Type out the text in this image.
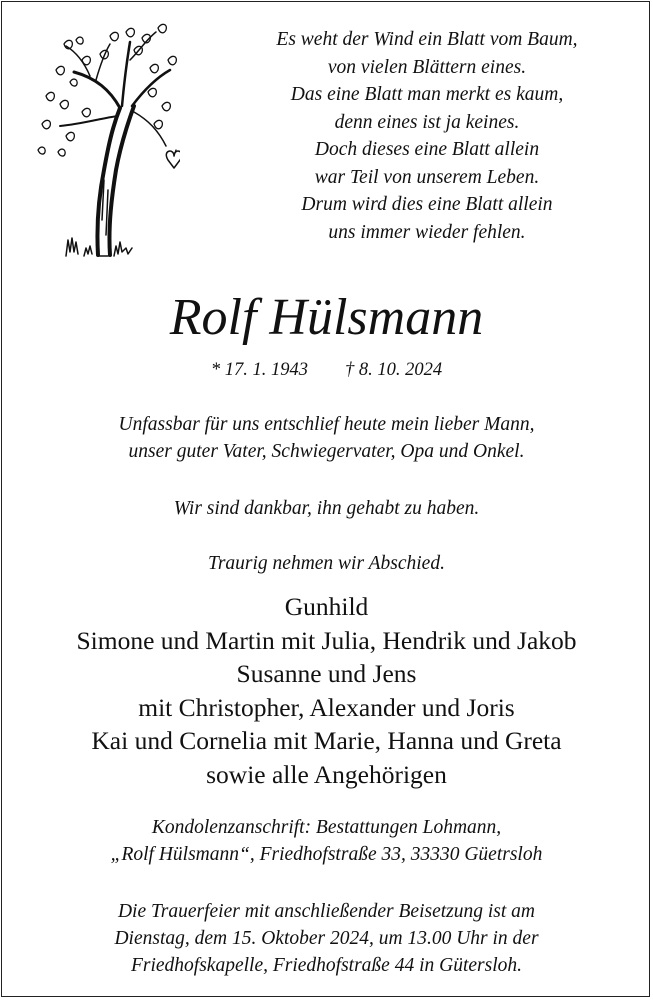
Es weht der Wind ein Blatt vom Baum,
von vielen Blättern eines.
Das eine Blatt man merkt es kaum,
denn eines ist ja keines.
Doch dieses eine Blatt allein
war Teil von unserem Leben.
Drum wird dies eine Blatt allein
uns immer wieder fehlen.
Rolf Hülsmann
* 17. 1. 1943        † 8. 10. 2024
Unfassbar für uns entschlief heute mein lieber Mann,
unser guter Vater, Schwiegervater, Opa und Onkel.
Wir sind dankbar, ihn gehabt zu haben.
Traurig nehmen wir Abschied.
Gunhild
Simone und Martin mit Julia, Hendrik und Jakob
Susanne und Jens
mit Christopher, Alexander und Joris
Kai und Cornelia mit Marie, Hanna und Greta
sowie alle Angehörigen
Kondolenzanschrift: Bestattungen Lohmann,
„Rolf Hülsmann“, Friedhofstraße 33, 33330 Güetrsloh
Die Trauerfeier mit anschließender Beisetzung ist am
Dienstag, dem 15. Oktober 2024, um 13.00 Uhr in der
Friedhofskapelle, Friedhofstraße 44 in Gütersloh.
